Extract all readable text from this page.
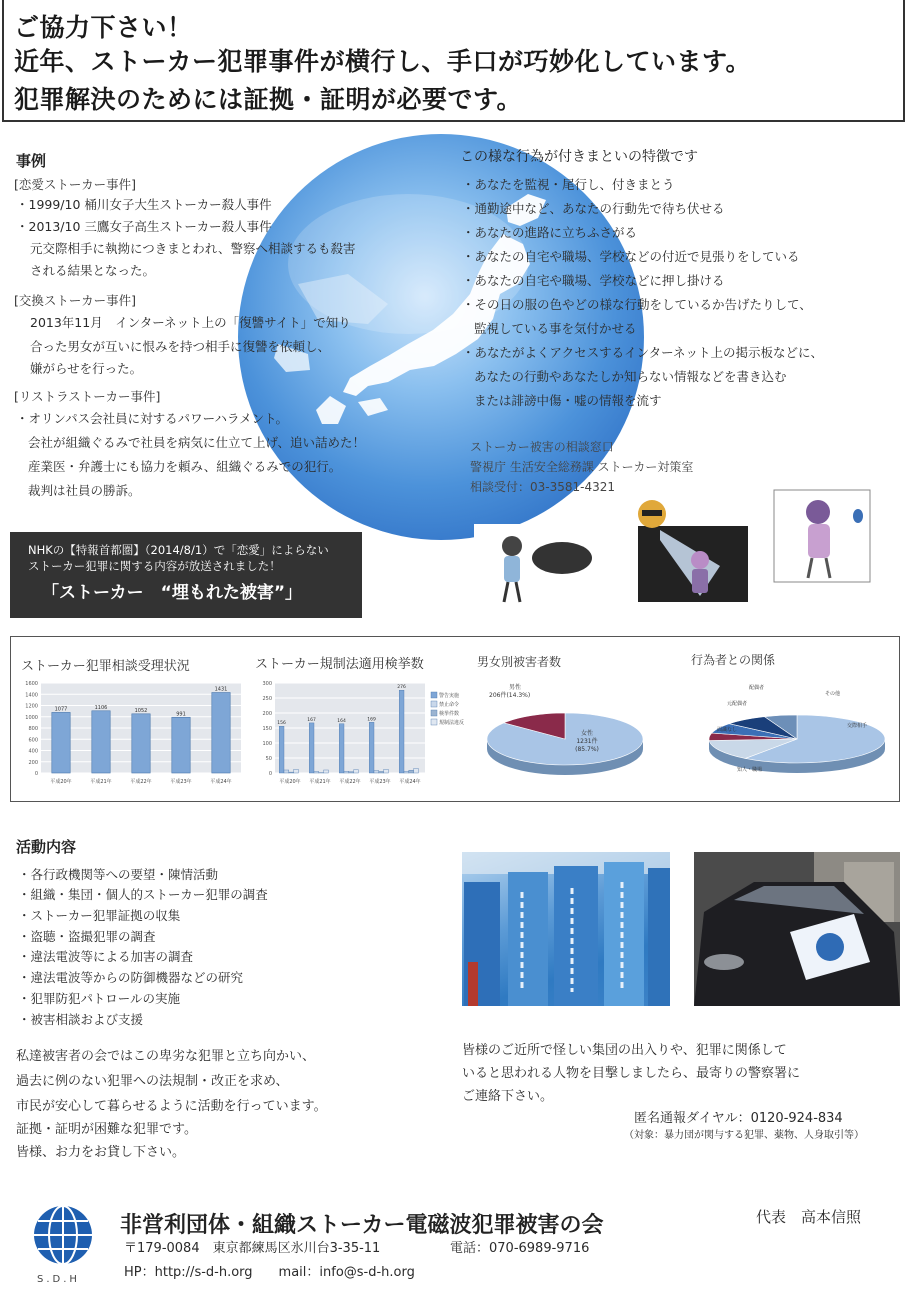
ご協力下さい！
近年、ストーカー犯罪事件が横行し、手口が巧妙化しています。
犯罪解決のためには証拠・証明が必要です。
事例
[恋愛ストーカー事件]
・1999/10 桶川女子大生ストーカー殺人事件
・2013/10 三鷹女子高生ストーカー殺人事件
元交際相手に執拗につきまとわれ、警察へ相談するも殺害
される結果となった。
[交換ストーカー事件]
2013年11月　インターネット上の「復讐サイト」で知り
合った男女が互いに恨みを持つ相手に復讐を依頼し、
嫌がらせを行った。
[リストラストーカー事件]
・オリンパス会社員に対するパワーハラメント。
会社が組織ぐるみで社員を病気に仕立て上げ、追い詰めた！
産業医・弁護士にも協力を頼み、組織ぐるみでの犯行。
裁判は社員の勝訴。
この様な行為が付きまといの特徴です
・あなたを監視・尾行し、付きまとう
・通勤途中など、あなたの行動先で待ち伏せる
・あなたの進路に立ちふさがる
・あなたの自宅や職場、学校などの付近で見張りをしている
・あなたの自宅や職場、学校などに押し掛ける
・その日の服の色やどの様な行動をしているか告げたりして、
監視している事を気付かせる
・あなたがよくアクセスするインターネット上の掲示板などに、
あなたの行動やあなたしか知らない情報などを書き込む
または誹謗中傷・嘘の情報を流す
ストーカー被害の相談窓口
警視庁 生活安全総務課 ストーカー対策室
相談受付：03-3581-4321
NHKの【特報首都圏】（2014/8/1）で「恋愛」によらない
ストーカー犯罪に関する内容が放送されました！
「ストーカー　“埋もれた被害”」
ストーカー犯罪相談受理状況	ストーカー規制法適用検挙数	男女別被害者数	行為者との関係
0
200
400
600
800
1000
1200
1400
1600
1077
平成20年
1106
平成21年
1052
平成22年
991
平成23年
1431
平成24年
0
50
100
150
200
250
300
156
平成20年
167
平成21年
164
平成22年
169
平成23年
276
平成24年
警告実施
禁止命令
検挙件数
規制法違反
女性
1231件
(85.7%)
男性
206件(14.3%)
交際相手
知人・職場
面識なし
元配偶者
配偶者
その他
活動内容
・各行政機関等への要望・陳情活動
・組織・集団・個人的ストーカー犯罪の調査
・ストーカー犯罪証拠の収集
・盗聴・盗撮犯罪の調査
・違法電波等による加害の調査
・違法電波等からの防御機器などの研究
・犯罪防犯パトロールの実施
・被害相談および支援
私達被害者の会ではこの卑劣な犯罪と立ち向かい、
過去に例のない犯罪への法規制・改正を求め、
市民が安心して暮らせるように活動を行っています。
証拠・証明が困難な犯罪です。
皆様、お力をお貸し下さい。
皆様のご近所で怪しい集団の出入りや、犯罪に関係して
いると思われる人物を目撃しましたら、最寄りの警察署に
ご連絡下さい。
匿名通報ダイヤル：0120-924-834
（対象：暴力団が関与する犯罪、薬物、人身取引等）
S.D.H
非営利団体・組織ストーカー電磁波犯罪被害の会	代表　高本信照
〒179-0084　東京都練馬区氷川台3-35-11	電話：070-6989-9716
HP：http://s-d-h.org　　mail：info@s-d-h.org
